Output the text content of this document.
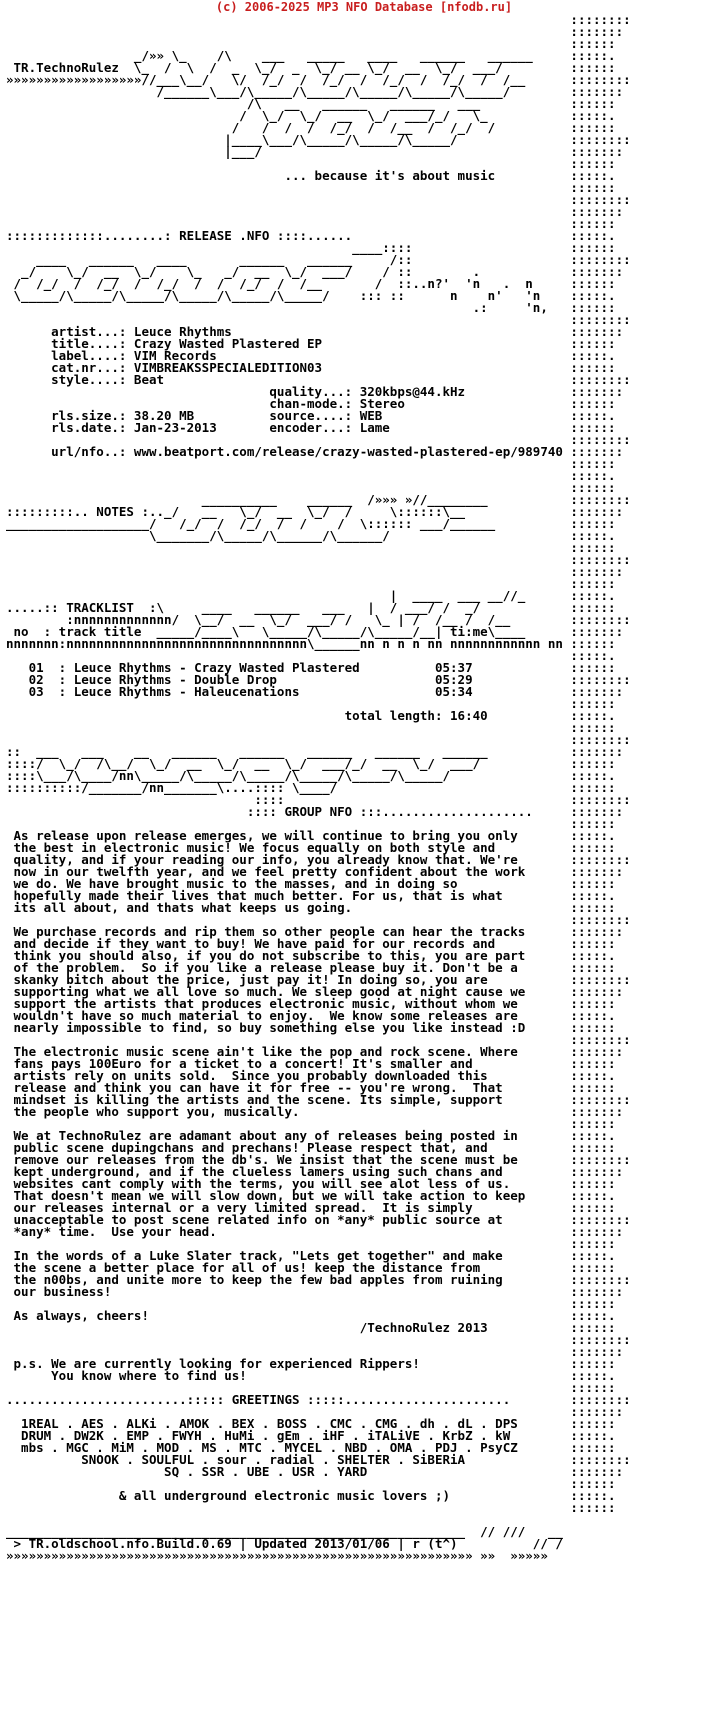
(c) 2006-2025 MP3 NFO Database [nfodb.ru]
::::::::
:::::::
::::::
_/»» \_    /\    ___   _____   ____   ______   ______     :::::.
TR.TechnoRulez  \_  /  \  /  _  \_/  _  \_/ __ \_/  __  \_/  ___/         ::::::
»»»»»»»»»»»»»»»»»»//___\__/   \/  /_/  /  /_/  /  /_/  /  /_/  /  /__      ::::::::
/______\___/\_____/\_____/\_____/\_____/\_____/        :::::::
/\   __   ______   ______   ___            ::::::
/  \_/  \_/  __  \_/  ___/_/   \_           :::::.
/   /  /  /  /_/  /  /__  /  /_/  /          ::::::
|____\___/\_____/\_____/\_____/               ::::::::
|___/                                         :::::::
::::::
... because it's about music          :::::.
::::::
::::::::
:::::::
::::::
:::::::::::::........: RELEASE .NFO ::::......                             :::::.
____::::                     ::::::
____   ______   ____       ______   ______     /::                     ::::::::
_/    \_/  __  \_/    \_   _/  __  \_/  ___/    / ::        .            :::::::
/  /_/  /  /_/  /  /_/  /  /  /_/  /  /__       /  ::..n?'  'n   .  n     ::::::
\_____/\_____/\_____/\_____/\_____/\_____/    ::: ::      n    n'   'n    :::::.
.:     'n,   ::::::
::::::::
artist...: Leuce Rhythms                                             :::::::
title....: Crazy Wasted Plastered EP                                 ::::::
label....: VIM Records                                               :::::.
cat.nr...: VIMBREAKSSPECIALEDITION03                                 ::::::
style....: Beat                                                      ::::::::
quality...: 320kbps@44.kHz              :::::::
chan-mode.: Stereo                      ::::::
rls.size.: 38.20 MB          source....: WEB                         :::::.
rls.date.: Jan-23-2013       encoder...: Lame                        ::::::
::::::::
url/nfo..: www.beatport.com/release/crazy-wasted-plastered-ep/989740 :::::::
::::::
:::::.
::::::
__________    ______  /»»» »//________           ::::::::
:::::::::.. NOTES :.._/   __   \_/  __  \_/  /     \::::::\__              :::::::
___________________/   /_/  /  /_/  /  /    /  \:::::: ___/______          ::::::
\_______/\_____/\______/\______/                        :::::.
::::::
::::::::
:::::::
::::::
|  ____  ___ __//_      :::::.
.....:: TRACKLIST  :\     ____   ______   ___   |  / ___/ /  _/            ::::::
:nnnnnnnnnnnnn/  \__/  __  \_/  ___/ /   \_ | /  /__ /  /__        ::::::::
no  : track title  _____/____\   \_____/\_____/\_____/__| ti:me\____      :::::::
nnnnnnn:nnnnnnnnnnnnnnnnnnnnnnnnnnnnnnnn\______nn n n n nn nnnnnnnnnnnn nn ::::::
:::::.
01  : Leuce Rhythms - Crazy Wasted Plastered          05:37             ::::::
02  : Leuce Rhythms - Double Drop                     05:29             ::::::::
03  : Leuce Rhythms - Haleucenations                  05:34             :::::::
::::::
total length: 16:40           :::::.
::::::
::::::::
::  ___   ___    __   ______   ______   ______   ______   ______           :::::::
::::/  \_/  /\__/  \_/  __  \_/  __  \_/  ___/_/  __  \_/  ___/            ::::::
::::\___/\____/nn\_____/\_____/\_____/\_____/\_____/\_____/                :::::.
::::::::::/_______/nn_______\....:::: \____/                               ::::::
::::                                      ::::::::
:::: GROUP NFO :::....................     :::::::
::::::
As release upon release emerges, we will continue to bring you only       :::::.
the best in electronic music! We focus equally on both style and          ::::::
quality, and if your reading our info, you already know that. We're       ::::::::
now in our twelfth year, and we feel pretty confident about the work      :::::::
we do. We have brought music to the masses, and in doing so               ::::::
hopefully made their lives that much better. For us, that is what         :::::.
its all about, and thats what keeps us going.                             ::::::
::::::::
We purchase records and rip them so other people can hear the tracks      :::::::
and decide if they want to buy! We have paid for our records and          ::::::
think you should also, if you do not subscribe to this, you are part      :::::.
of the problem.  So if you like a release please buy it. Don't be a       ::::::
skanky bitch about the price, just pay it! In doing so, you are           ::::::::
supporting what we all love so much. We sleep good at night cause we      :::::::
support the artists that produces electronic music, without whom we       ::::::
wouldn't have so much material to enjoy.  We know some releases are       :::::.
nearly impossible to find, so buy something else you like instead :D      ::::::
::::::::
The electronic music scene ain't like the pop and rock scene. Where       :::::::
fans pays 100Euro for a ticket to a concert! It's smaller and             ::::::
artists rely on units sold.  Since you probably downloaded this           :::::.
release and think you can have it for free -- you're wrong.  That         ::::::
mindset is killing the artists and the scene. Its simple, support         ::::::::
the people who support you, musically.                                    :::::::
::::::
We at TechnoRulez are adamant about any of releases being posted in       :::::.
public scene dupingchans and prechans! Please respect that, and           ::::::
remove our releases from the db's. We insist that the scene must be       ::::::::
kept underground, and if the clueless lamers using such chans and         :::::::
websites cant comply with the terms, you will see alot less of us.        ::::::
That doesn't mean we will slow down, but we will take action to keep      :::::.
our releases internal or a very limited spread.  It is simply             ::::::
unacceptable to post scene related info on *any* public source at         ::::::::
*any* time.  Use your head.                                               :::::::
::::::
In the words of a Luke Slater track, "Lets get together" and make         :::::.
the scene a better place for all of us! keep the distance from            ::::::
the n00bs, and unite more to keep the few bad apples from ruining         ::::::::
our business!                                                             :::::::
::::::
As always, cheers!                                                        :::::.
/TechnoRulez 2013           ::::::
::::::::
:::::::
p.s. We are currently looking for experienced Rippers!                    ::::::
You know where to find us!                                           :::::.
::::::
........................::::: GREETINGS :::::......................        ::::::::
:::::::
1REAL . AES . ALKi . AMOK . BEX . BOSS . CMC . CMG . dh . dL . DPS       ::::::
DRUM . DW2K . EMP . FWYH . HuMi . gEm . iHF . iTALiVE . KrbZ . kW        :::::.
mbs . MGC . MiM . MOD . MS . MTC . MYCEL . NBD . OMA . PDJ . PsyCZ       ::::::
SNOOK . SOULFUL . sour . radial . SHELTER . SiBERiA              ::::::::
SQ . SSR . UBE . USR . YARD                           :::::::
::::::
& all underground electronic music lovers ;)                :::::.
::::::

_____________________________________________________________  // ///   __
> TR.oldschool.nfo.Build.0.69 | Updated 2013/01/06 | r (t^)          // /
»»»»»»»»»»»»»»»»»»»»»»»»»»»»»»»»»»»»»»»»»»»»»»»»»»»»»»»»»»»»»» »»  »»»»»
